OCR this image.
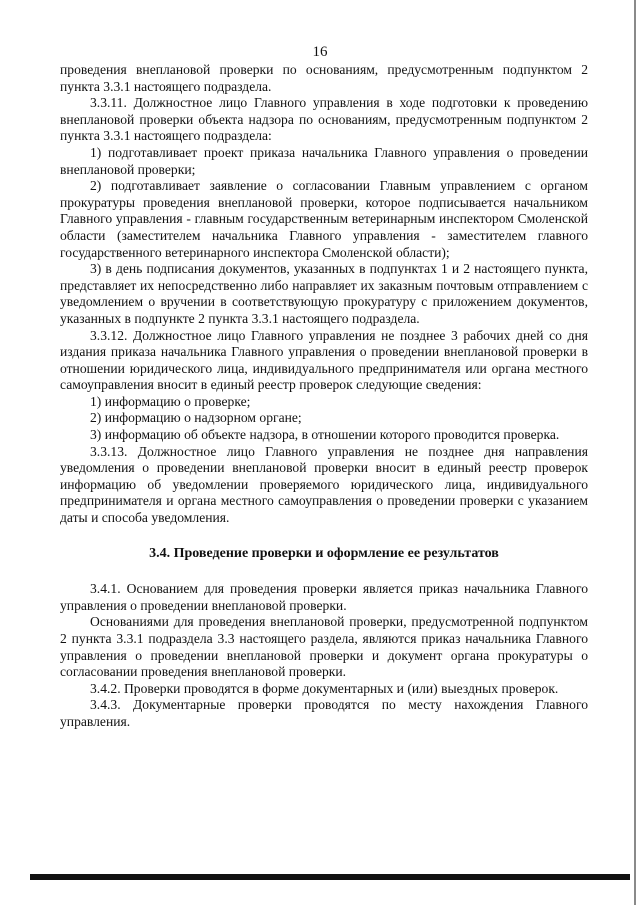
16

проведения внеплановой проверки по основаниям, предусмотренным подпунктом 2 пункта 3.3.1 настоящего подраздела.

3.3.11. Должностное лицо Главного управления в ходе подготовки к проведению внеплановой проверки объекта надзора по основаниям, предусмотренным подпунктом 2 пункта 3.3.1 настоящего подраздела:

1) подготавливает проект приказа начальника Главного управления о проведении внеплановой проверки;

2) подготавливает заявление о согласовании Главным управлением с органом прокуратуры проведения внеплановой проверки, которое подписывается начальником Главного управления - главным государственным ветеринарным инспектором Смоленской области (заместителем начальника Главного управления - заместителем главного государственного ветеринарного инспектора Смоленской области);

3) в день подписания документов, указанных в подпунктах 1 и 2 настоящего пункта, представляет их непосредственно либо направляет их заказным почтовым отправлением с уведомлением о вручении в соответствующую прокуратуру с приложением документов, указанных в подпункте 2 пункта 3.3.1 настоящего подраздела.

3.3.12. Должностное лицо Главного управления не позднее 3 рабочих дней со дня издания приказа начальника Главного управления о проведении внеплановой проверки в отношении юридического лица, индивидуального предпринимателя или органа местного самоуправления вносит в единый реестр проверок следующие сведения:

1) информацию о проверке;

2) информацию о надзорном органе;

3) информацию об объекте надзора, в отношении которого проводится проверка.

3.3.13. Должностное лицо Главного управления не позднее дня направления уведомления о проведении внеплановой проверки вносит в единый реестр проверок информацию об уведомлении проверяемого юридического лица, индивидуального предпринимателя и органа местного самоуправления о проведении проверки с указанием даты и способа уведомления.

3.4. Проведение проверки и оформление ее результатов

3.4.1. Основанием для проведения проверки является приказ начальника Главного управления о проведении внеплановой проверки.

Основаниями для проведения внеплановой проверки, предусмотренной подпунктом 2 пункта 3.3.1 подраздела 3.3 настоящего раздела, являются приказ начальника Главного управления о проведении внеплановой проверки и документ органа прокуратуры о согласовании проведения внеплановой проверки.

3.4.2. Проверки проводятся в форме документарных и (или) выездных проверок.

3.4.3. Документарные проверки проводятся по месту нахождения Главного управления.
